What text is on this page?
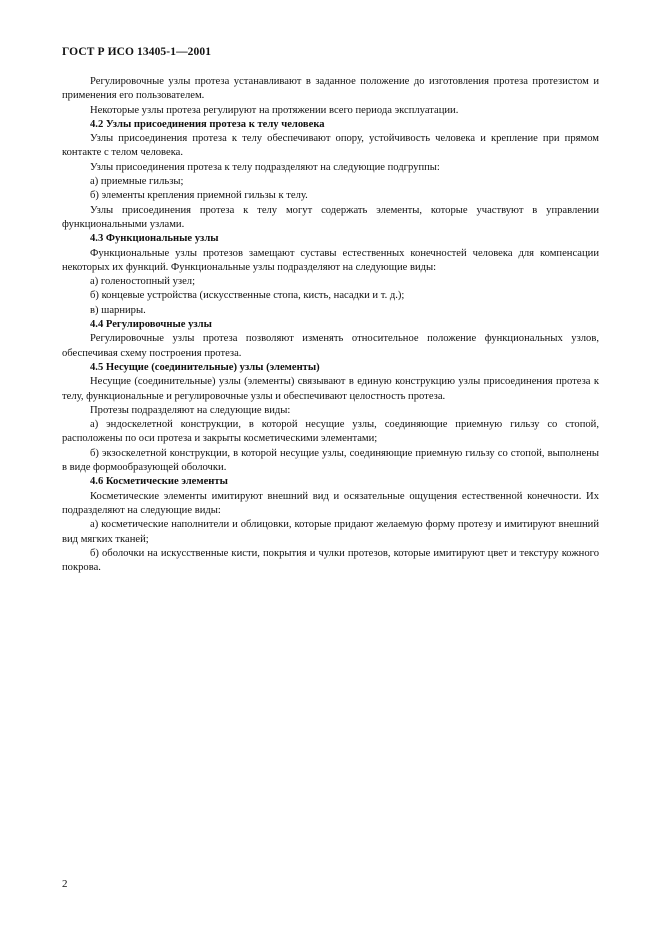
ГОСТ Р ИСО 13405-1—2001

Регулировочные узлы протеза устанавливают в заданное положение до изготовления протеза протезистом и применения его пользователем.

Некоторые узлы протеза регулируют на протяжении всего периода эксплуатации.

4.2 Узлы присоединения протеза к телу человека

Узлы присоединения протеза к телу обеспечивают опору, устойчивость человека и крепление при прямом контакте с телом человека.

Узлы присоединения протеза к телу подразделяют на следующие подгруппы:

а) приемные гильзы;

б) элементы крепления приемной гильзы к телу.

Узлы присоединения протеза к телу могут содержать элементы, которые участвуют в управлении функциональными узлами.

4.3 Функциональные узлы

Функциональные узлы протезов замещают суставы естественных конечностей человека для компенсации некоторых их функций. Функциональные узлы подразделяют на следующие виды:

а) голеностопный узел;

б) концевые устройства (искусственные стопа, кисть, насадки и т. д.);

в) шарниры.

4.4 Регулировочные узлы

Регулировочные узлы протеза позволяют изменять относительное положение функциональных узлов, обеспечивая схему построения протеза.

4.5 Несущие (соединительные) узлы (элементы)

Несущие (соединительные) узлы (элементы) связывают в единую конструкцию узлы присоединения протеза к телу, функциональные и регулировочные узлы и обеспечивают целостность протеза.

Протезы подразделяют на следующие виды:

а) эндоскелетной конструкции, в которой несущие узлы, соединяющие приемную гильзу со стопой, расположены по оси протеза и закрыты косметическими элементами;

б) экзоскелетной конструкции, в которой несущие узлы, соединяющие приемную гильзу со стопой, выполнены в виде формообразующей оболочки.

4.6 Косметические элементы

Косметические элементы имитируют внешний вид и осязательные ощущения естественной конечности. Их подразделяют на следующие виды:

а) косметические наполнители и облицовки, которые придают желаемую форму протезу и имитируют внешний вид мягких тканей;

б) оболочки на искусственные кисти, покрытия и чулки протезов, которые имитируют цвет и текстуру кожного покрова.

2
